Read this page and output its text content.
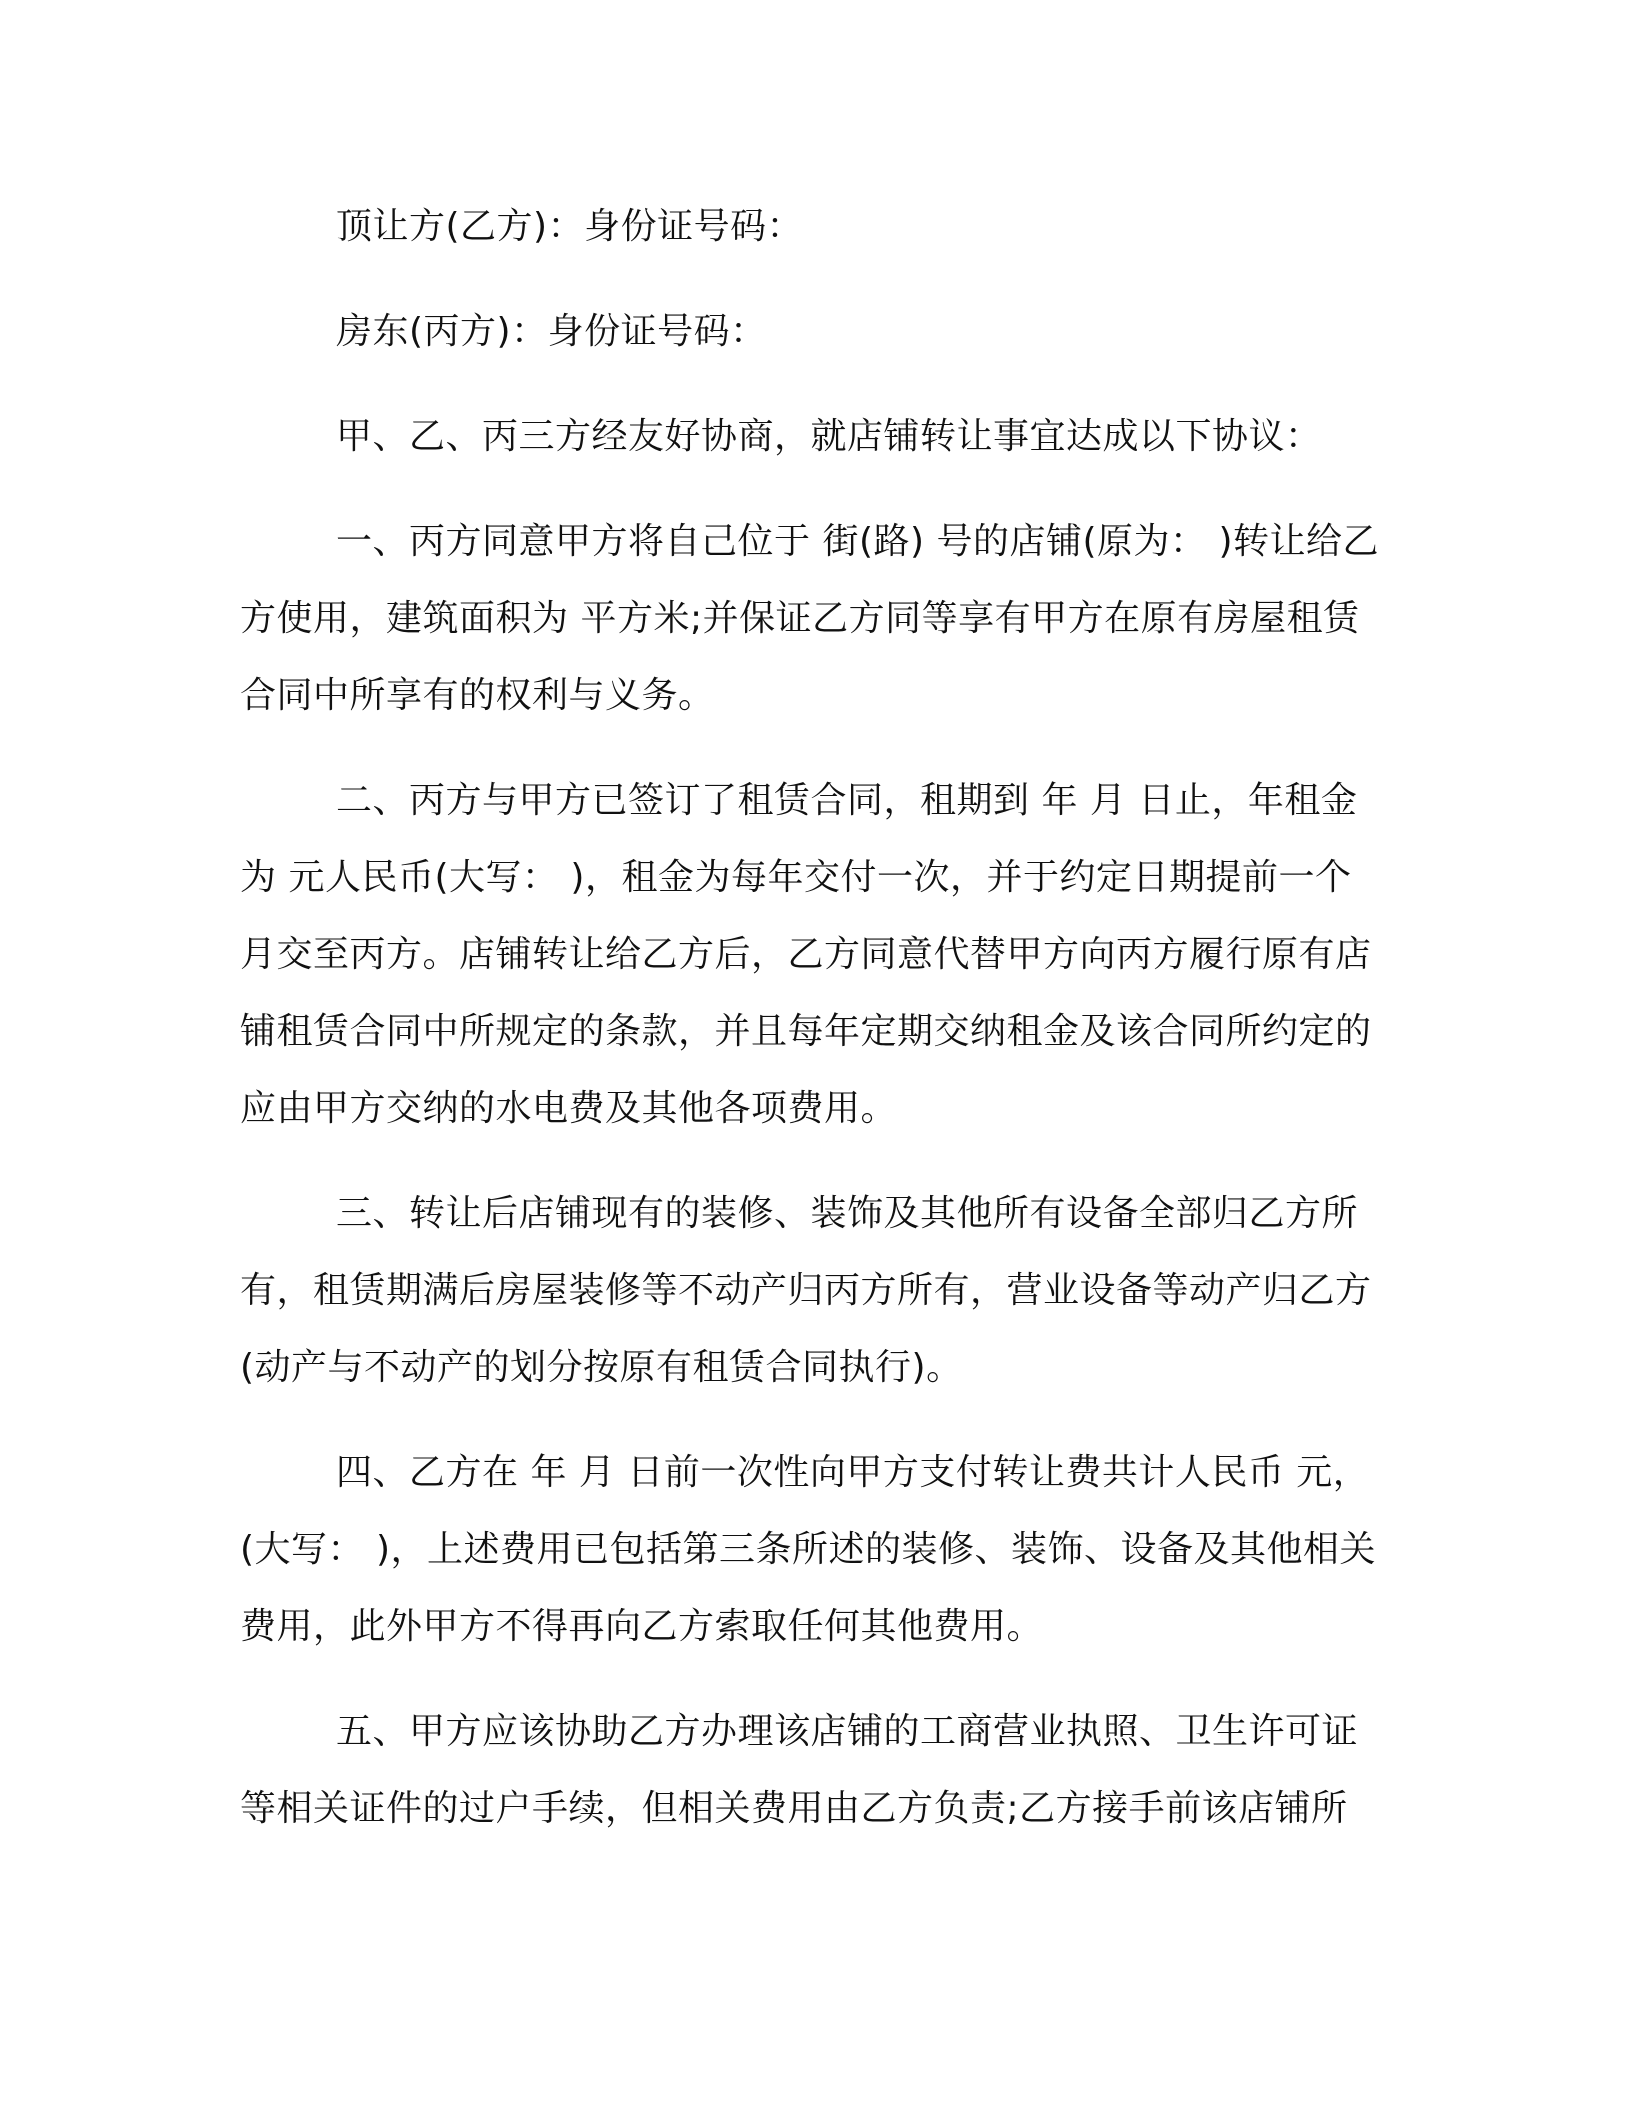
顶让方(乙方)：身份证号码：

房东(丙方)：身份证号码：

甲、乙、丙三方经友好协商，就店铺转让事宜达成以下协议：

一、丙方同意甲方将自己位于 街(路) 号的店铺(原为： )转让给乙方使用，建筑面积为 平方米;并保证乙方同等享有甲方在原有房屋租赁合同中所享有的权利与义务。

二、丙方与甲方已签订了租赁合同，租期到 年 月 日止，年租金为 元人民币(大写： )，租金为每年交付一次，并于约定日期提前一个月交至丙方。店铺转让给乙方后，乙方同意代替甲方向丙方履行原有店铺租赁合同中所规定的条款，并且每年定期交纳租金及该合同所约定的应由甲方交纳的水电费及其他各项费用。

三、转让后店铺现有的装修、装饰及其他所有设备全部归乙方所有，租赁期满后房屋装修等不动产归丙方所有，营业设备等动产归乙方(动产与不动产的划分按原有租赁合同执行)。

四、乙方在 年 月 日前一次性向甲方支付转让费共计人民币 元，(大写： )，上述费用已包括第三条所述的装修、装饰、设备及其他相关费用，此外甲方不得再向乙方索取任何其他费用。

五、甲方应该协助乙方办理该店铺的工商营业执照、卫生许可证等相关证件的过户手续，但相关费用由乙方负责;乙方接手前该店铺所
